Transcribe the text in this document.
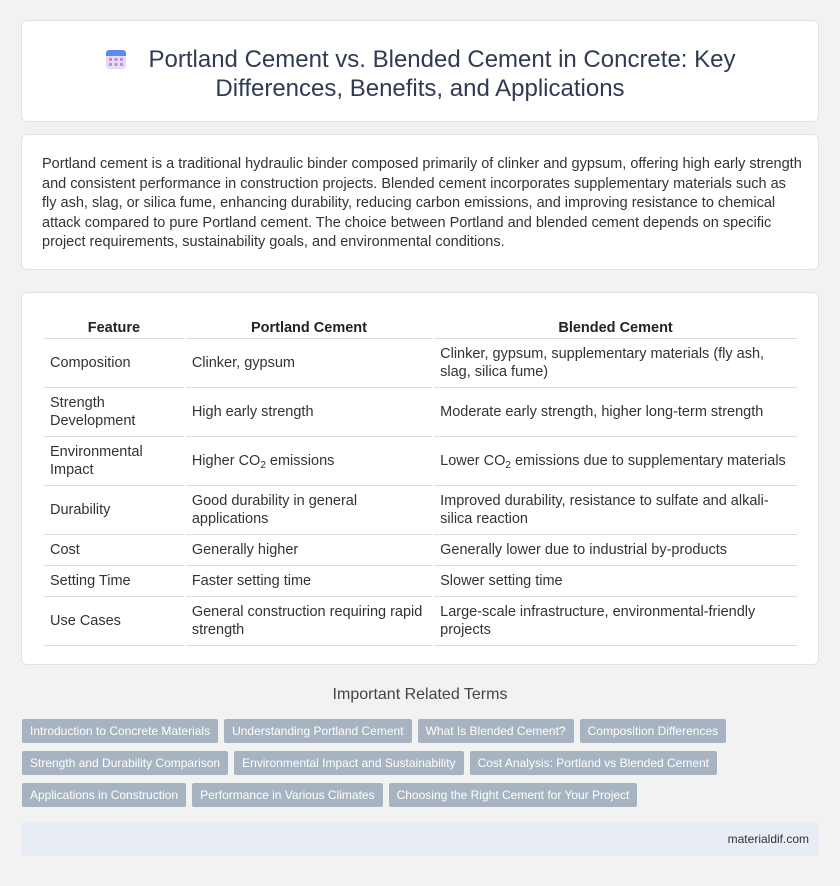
Portland Cement vs. Blended Cement in Concrete: Key
Differences, Benefits, and Applications

Portland cement is a traditional hydraulic binder composed primarily of clinker and gypsum, offering high early strength and consistent performance in construction projects. Blended cement incorporates supplementary materials such as fly ash, slag, or silica fume, enhancing durability, reducing carbon emissions, and improving resistance to chemical attack compared to pure Portland cement. The choice between Portland and blended cement depends on specific project requirements, sustainability goals, and environmental conditions.

Feature	Portland Cement	Blended Cement
Composition	Clinker, gypsum	Clinker, gypsum, supplementary materials (fly ash, slag, silica fume)
Strength Development	High early strength	Moderate early strength, higher long-term strength
Environmental Impact	Higher $CO_2$ emissions	Lower $CO_2$ emissions due to supplementary materials
Durability	Good durability in general applications	Improved durability, resistance to sulfate and alkali-silica reaction
Cost	Generally higher	Generally lower due to industrial by-products
Setting Time	Faster setting time	Slower setting time
Use Cases	General construction requiring rapid strength	Large-scale infrastructure, environmental-friendly projects
Important Related Terms
Introduction to Concrete Materials	Understanding Portland Cement	What Is Blended Cement?	Composition Differences
Strength and Durability Comparison	Environmental Impact and Sustainability	Cost Analysis: Portland vs Blended Cement
Applications in Construction	Performance in Various Climates	Choosing the Right Cement for Your Project
materialdif.com
